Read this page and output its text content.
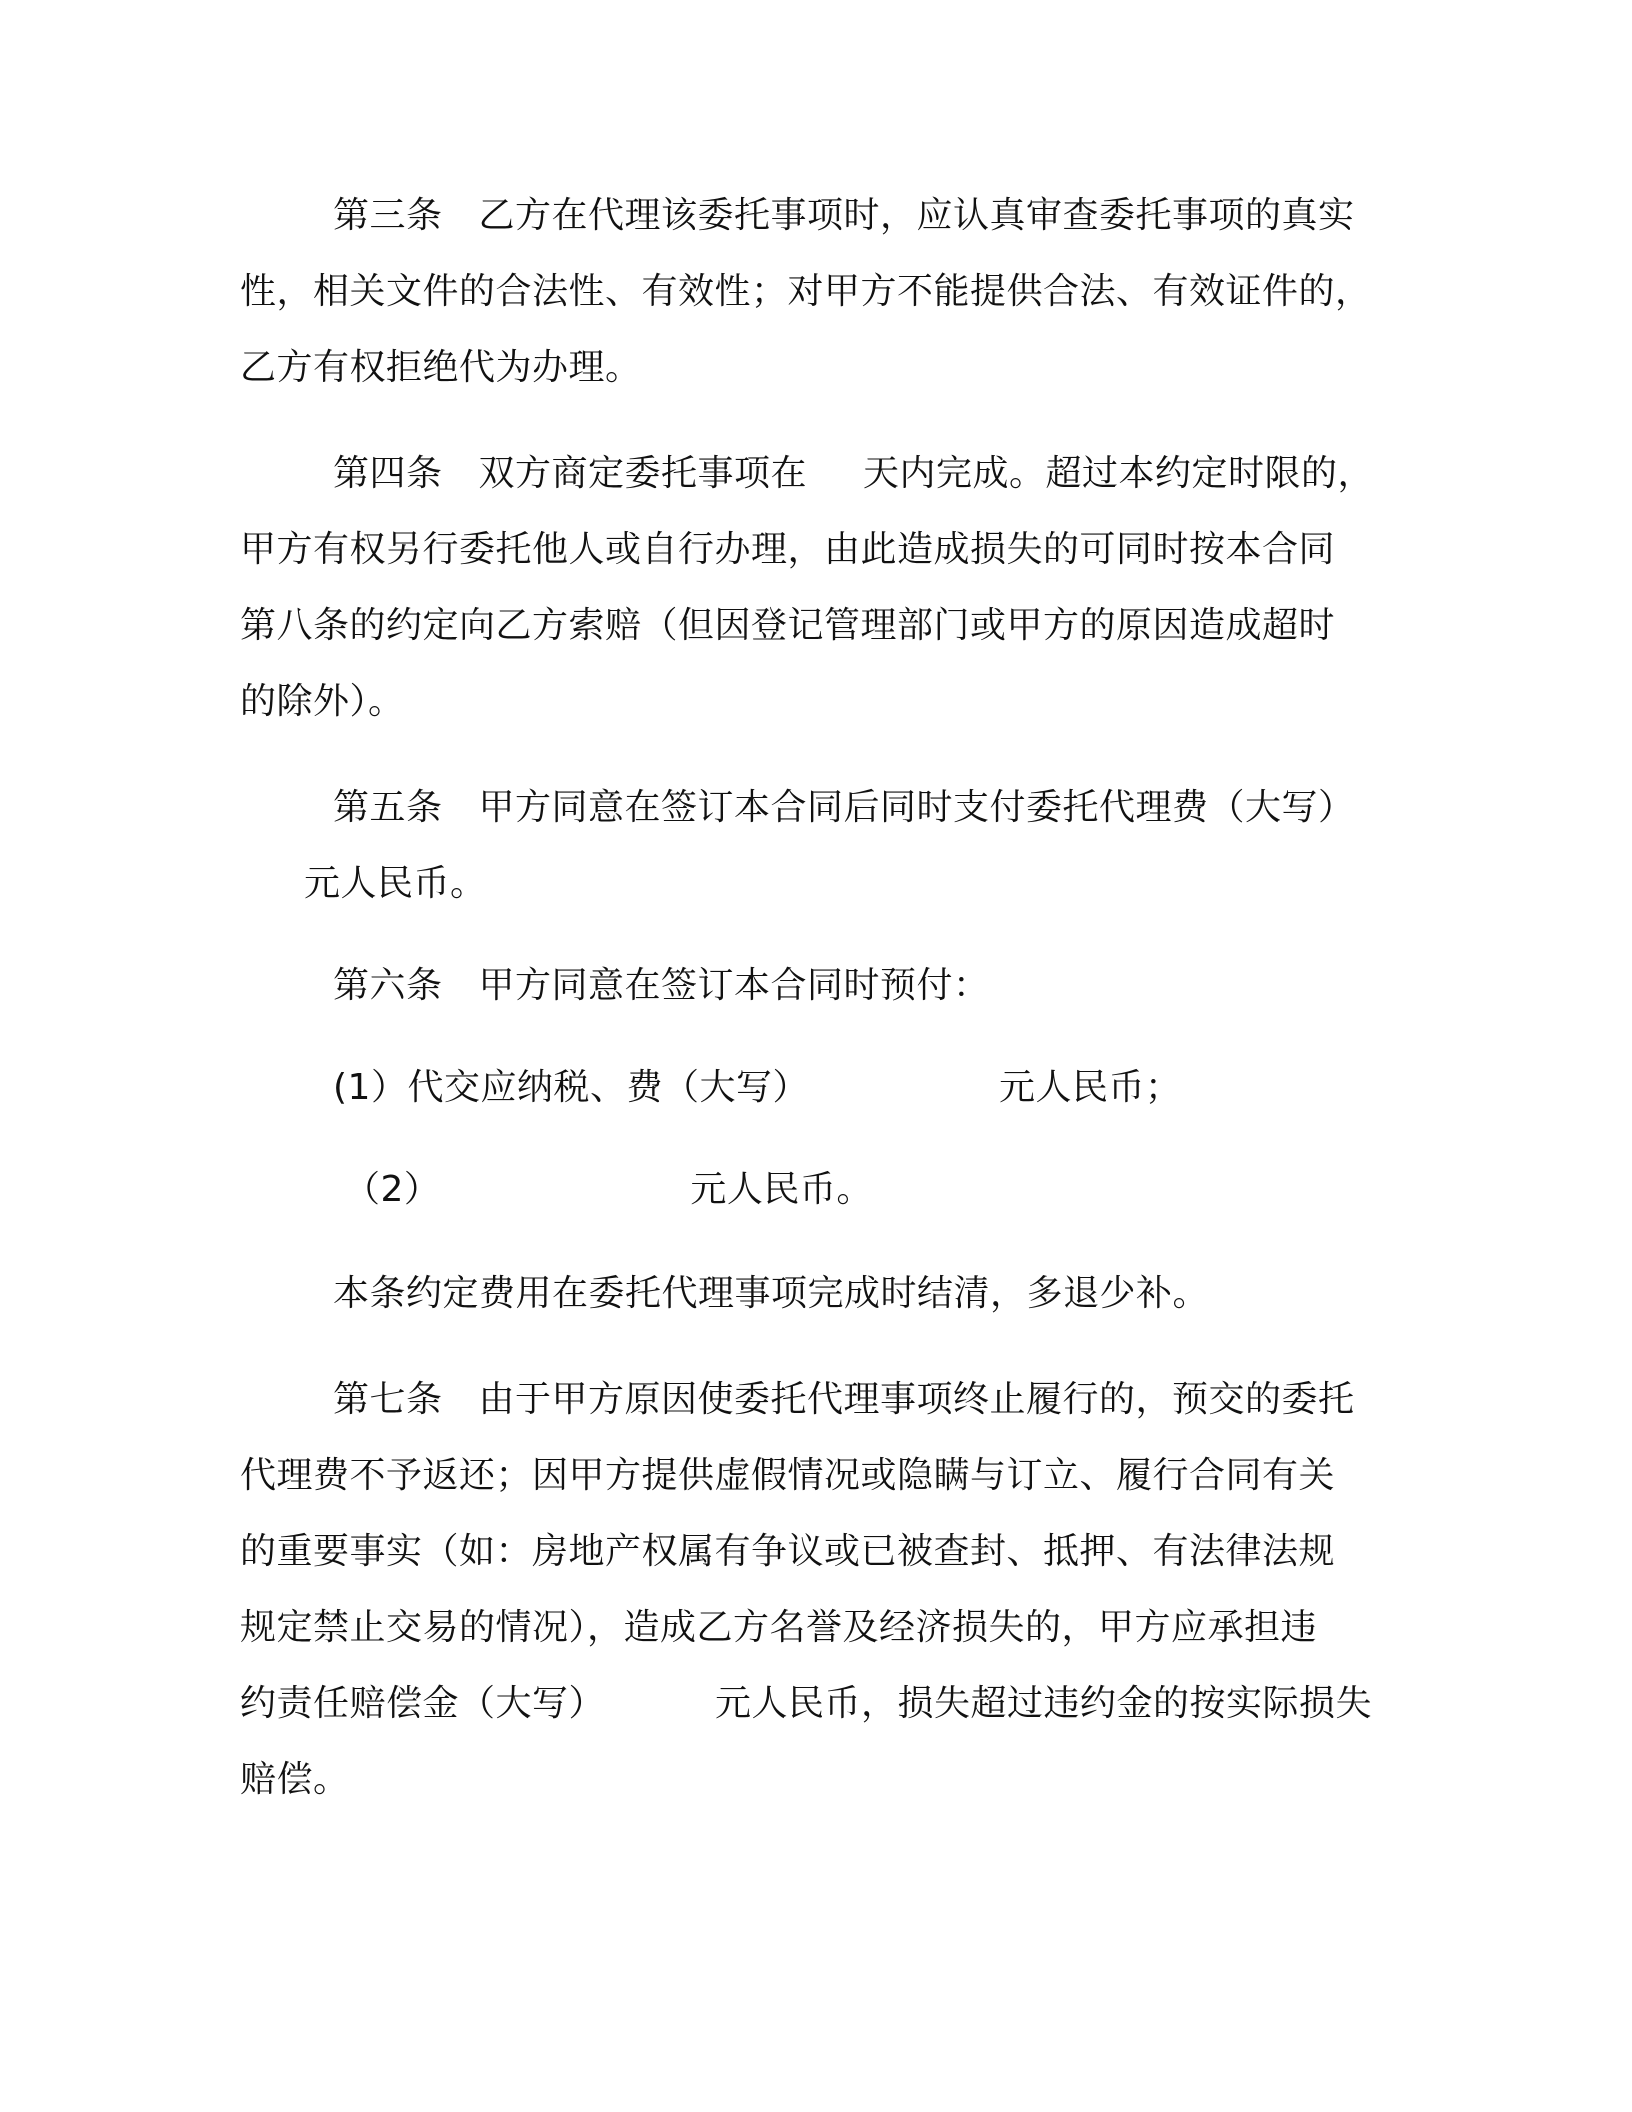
第三条 乙方在代理该委托事项时，应认真审查委托事项的真实
性，相关文件的合法性、有效性；对甲方不能提供合法、有效证件的，
乙方有权拒绝代为办理。
第四条 双方商定委托事项在 天内完成。超过本约定时限的，
甲方有权另行委托他人或自行办理，由此造成损失的可同时按本合同
第八条的约定向乙方索赔（但因登记管理部门或甲方的原因造成超时
的除外）。
第五条 甲方同意在签订本合同后同时支付委托代理费（大写）
元人民币。
第六条 甲方同意在签订本合同时预付：
(1）代交应纳税、费（大写）	元人民币；
（2）	元人民币。
本条约定费用在委托代理事项完成时结清，多退少补。
第七条 由于甲方原因使委托代理事项终止履行的，预交的委托
代理费不予返还；因甲方提供虚假情况或隐瞒与订立、履行合同有关
的重要事实（如：房地产权属有争议或已被查封、抵押、有法律法规
规定禁止交易的情况），造成乙方名誉及经济损失的，甲方应承担违
约责任赔偿金（大写）	元人民币，损失超过违约金的按实际损失
赔偿。
